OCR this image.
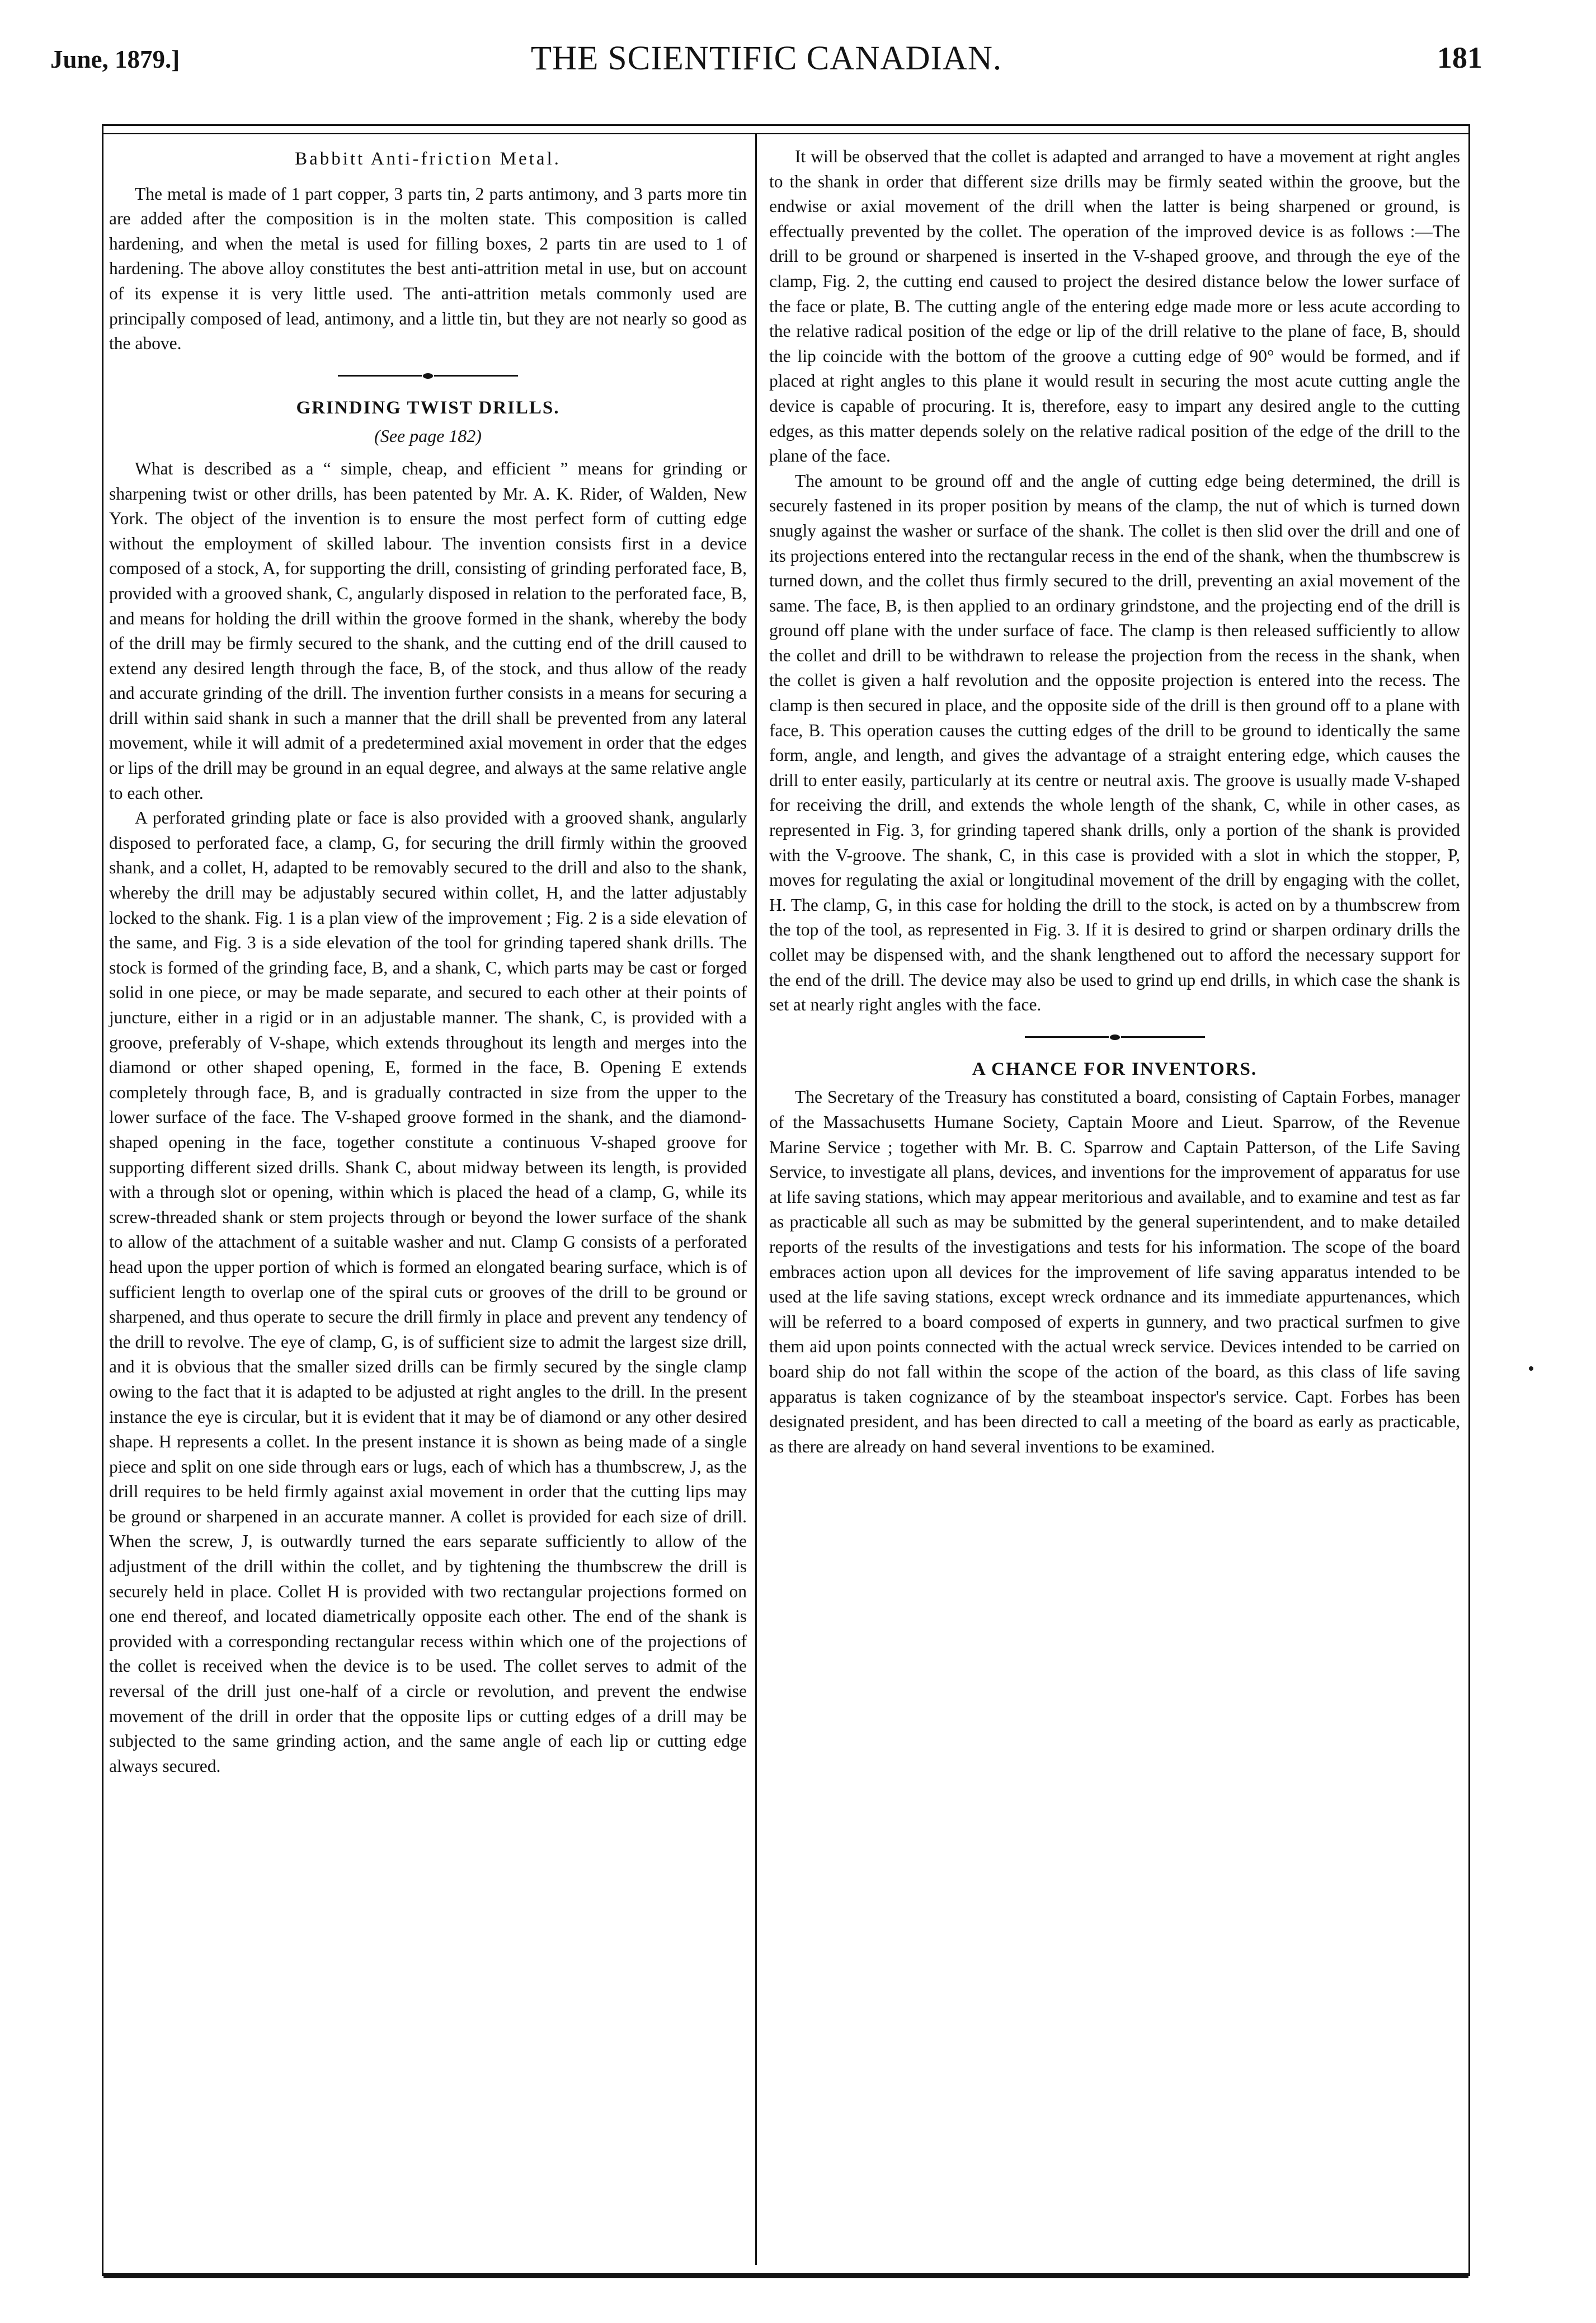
June, 1879.]	THE SCIENTIFIC CANADIAN.	181
Babbitt Anti-friction Metal.

The metal is made of 1 part copper, 3 parts tin, 2 parts antimony, and 3 parts more tin are added after the composition is in the molten state. This composition is called hardening, and when the metal is used for filling boxes, 2 parts tin are used to 1 of hardening. The above alloy constitutes the best anti-attrition metal in use, but on account of its expense it is very little used. The anti-attrition metals commonly used are principally composed of lead, antimony, and a little tin, but they are not nearly so good as the above.

GRINDING TWIST DRILLS.
(See page 182)

What is described as a “ simple, cheap, and efficient ” means for grinding or sharpening twist or other drills, has been patented by Mr. A. K. Rider, of Walden, New York. The object of the invention is to ensure the most perfect form of cutting edge without the employment of skilled labour. The invention consists first in a device composed of a stock, A, for supporting the drill, consisting of grinding perforated face, B, provided with a grooved shank, C, angularly disposed in relation to the perforated face, B, and means for holding the drill within the groove formed in the shank, whereby the body of the drill may be firmly secured to the shank, and the cutting end of the drill caused to extend any desired length through the face, B, of the stock, and thus allow of the ready and accurate grinding of the drill. The invention further consists in a means for securing a drill within said shank in such a manner that the drill shall be prevented from any lateral movement, while it will admit of a predetermined axial movement in order that the edges or lips of the drill may be ground in an equal degree, and always at the same relative angle to each other.

A perforated grinding plate or face is also provided with a grooved shank, angularly disposed to perforated face, a clamp, G, for securing the drill firmly within the grooved shank, and a collet, H, adapted to be removably secured to the drill and also to the shank, whereby the drill may be adjustably secured within collet, H, and the latter adjustably locked to the shank. Fig. 1 is a plan view of the improvement ; Fig. 2 is a side elevation of the same, and Fig. 3 is a side elevation of the tool for grinding tapered shank drills. The stock is formed of the grinding face, B, and a shank, C, which parts may be cast or forged solid in one piece, or may be made separate, and secured to each other at their points of juncture, either in a rigid or in an adjustable manner. The shank, C, is provided with a groove, preferably of V-shape, which extends throughout its length and merges into the diamond or other shaped opening, E, formed in the face, B. Opening E extends completely through face, B, and is gradually contracted in size from the upper to the lower surface of the face. The V-shaped groove formed in the shank, and the diamond-shaped opening in the face, together constitute a continuous V-shaped groove for supporting different sized drills. Shank C, about midway between its length, is provided with a through slot or opening, within which is placed the head of a clamp, G, while its screw-threaded shank or stem projects through or beyond the lower surface of the shank to allow of the attachment of a suitable washer and nut. Clamp G consists of a perforated head upon the upper portion of which is formed an elongated bearing surface, which is of sufficient length to overlap one of the spiral cuts or grooves of the drill to be ground or sharpened, and thus operate to secure the drill firmly in place and prevent any tendency of the drill to revolve. The eye of clamp, G, is of sufficient size to admit the largest size drill, and it is obvious that the smaller sized drills can be firmly secured by the single clamp owing to the fact that it is adapted to be adjusted at right angles to the drill. In the present instance the eye is circular, but it is evident that it may be of diamond or any other desired shape. H represents a collet. In the present instance it is shown as being made of a single piece and split on one side through ears or lugs, each of which has a thumbscrew, J, as the drill requires to be held firmly against axial movement in order that the cutting lips may be ground or sharpened in an accurate manner. A collet is provided for each size of drill. When the screw, J, is outwardly turned the ears separate sufficiently to allow of the adjustment of the drill within the collet, and by tightening the thumbscrew the drill is securely held in place. Collet H is provided with two rectangular projections formed on one end thereof, and located diametrically opposite each other. The end of the shank is provided with a corresponding rectangular recess within which one of the projections of the collet is received when the device is to be used. The collet serves to admit of the reversal of the drill just one-half of a circle or revolution, and prevent the endwise movement of the drill in order that the opposite lips or cutting edges of a drill may be subjected to the same grinding action, and the same angle of each lip or cutting edge always secured.

It will be observed that the collet is adapted and arranged to have a movement at right angles to the shank in order that different size drills may be firmly seated within the groove, but the endwise or axial movement of the drill when the latter is being sharpened or ground, is effectually prevented by the collet. The operation of the improved device is as follows :—The drill to be ground or sharpened is inserted in the V-shaped groove, and through the eye of the clamp, Fig. 2, the cutting end caused to project the desired distance below the lower surface of the face or plate, B. The cutting angle of the entering edge made more or less acute according to the relative radical position of the edge or lip of the drill relative to the plane of face, B, should the lip coincide with the bottom of the groove a cutting edge of 90° would be formed, and if placed at right angles to this plane it would result in securing the most acute cutting angle the device is capable of procuring. It is, therefore, easy to impart any desired angle to the cutting edges, as this matter depends solely on the relative radical position of the edge of the drill to the plane of the face.

The amount to be ground off and the angle of cutting edge being determined, the drill is securely fastened in its proper position by means of the clamp, the nut of which is turned down snugly against the washer or surface of the shank. The collet is then slid over the drill and one of its projections entered into the rectangular recess in the end of the shank, when the thumbscrew is turned down, and the collet thus firmly secured to the drill, preventing an axial movement of the same. The face, B, is then applied to an ordinary grindstone, and the projecting end of the drill is ground off plane with the under surface of face. The clamp is then released sufficiently to allow the collet and drill to be withdrawn to release the projection from the recess in the shank, when the collet is given a half revolution and the opposite projection is entered into the recess. The clamp is then secured in place, and the opposite side of the drill is then ground off to a plane with face, B. This operation causes the cutting edges of the drill to be ground to identically the same form, angle, and length, and gives the advantage of a straight entering edge, which causes the drill to enter easily, particularly at its centre or neutral axis. The groove is usually made V-shaped for receiving the drill, and extends the whole length of the shank, C, while in other cases, as represented in Fig. 3, for grinding tapered shank drills, only a portion of the shank is provided with the V-groove. The shank, C, in this case is provided with a slot in which the stopper, P, moves for regulating the axial or longitudinal movement of the drill by engaging with the collet, H. The clamp, G, in this case for holding the drill to the stock, is acted on by a thumbscrew from the top of the tool, as represented in Fig. 3. If it is desired to grind or sharpen ordinary drills the collet may be dispensed with, and the shank lengthened out to afford the necessary support for the end of the drill. The device may also be used to grind up end drills, in which case the shank is set at nearly right angles with the face.

A CHANCE FOR INVENTORS.

The Secretary of the Treasury has constituted a board, consisting of Captain Forbes, manager of the Massachusetts Humane Society, Captain Moore and Lieut. Sparrow, of the Revenue Marine Service ; together with Mr. B. C. Sparrow and Captain Patterson, of the Life Saving Service, to investigate all plans, devices, and inventions for the improvement of apparatus for use at life saving stations, which may appear meritorious and available, and to examine and test as far as practicable all such as may be submitted by the general superintendent, and to make detailed reports of the results of the investigations and tests for his information. The scope of the board embraces action upon all devices for the improvement of life saving apparatus intended to be used at the life saving stations, except wreck ordnance and its immediate appurtenances, which will be referred to a board composed of experts in gunnery, and two practical surfmen to give them aid upon points connected with the actual wreck service. Devices intended to be carried on board ship do not fall within the scope of the action of the board, as this class of life saving apparatus is taken cognizance of by the steamboat inspector's service. Capt. Forbes has been designated president, and has been directed to call a meeting of the board as early as practicable, as there are already on hand several inventions to be examined.
